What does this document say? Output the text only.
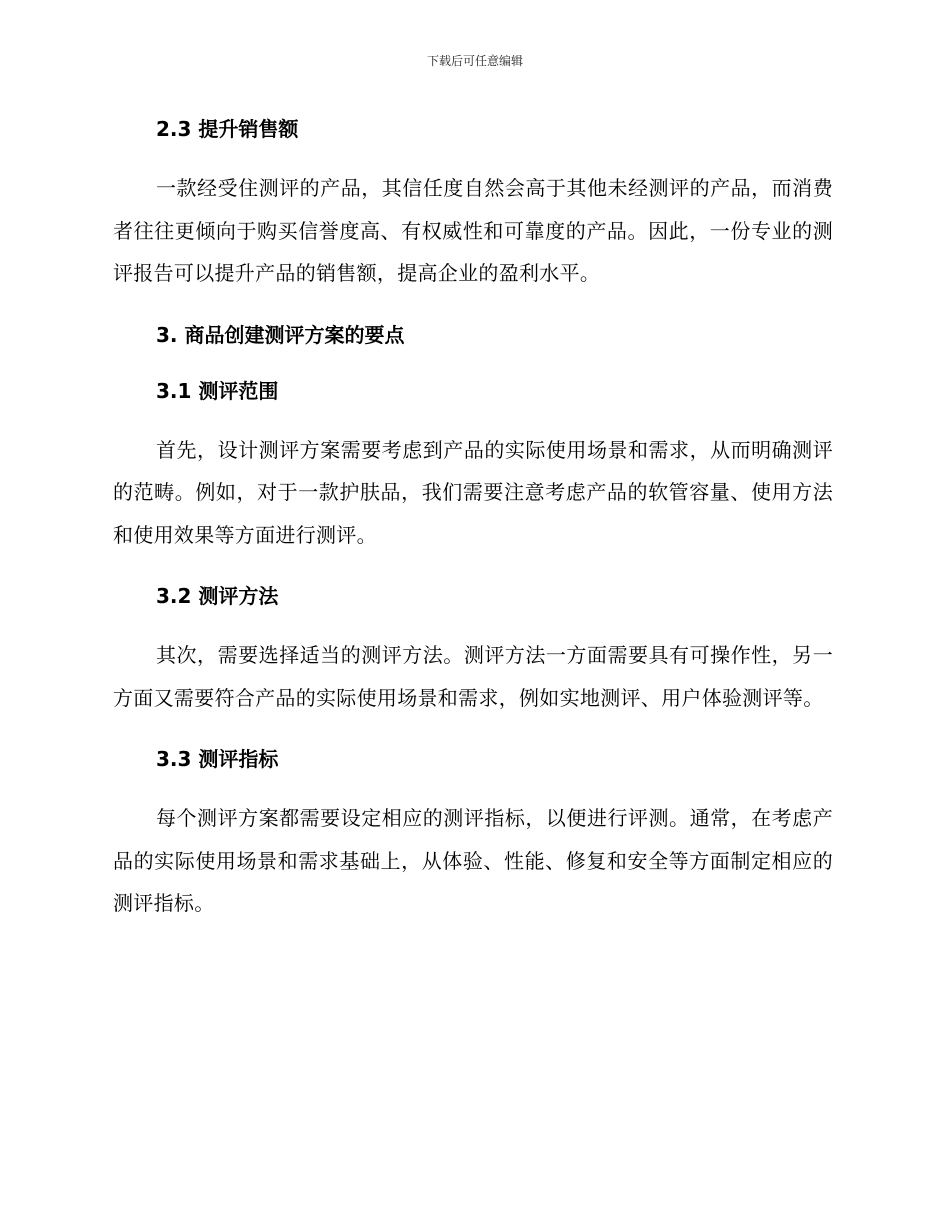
下载后可任意编辑
2.3 提升销售额

一款经受住测评的产品，其信任度自然会高于其他未经测评的产品，而消费者往往更倾向于购买信誉度高、有权威性和可靠度的产品。因此，一份专业的测评报告可以提升产品的销售额，提高企业的盈利水平。

3. 商品创建测评方案的要点
3.1 测评范围

首先，设计测评方案需要考虑到产品的实际使用场景和需求，从而明确测评的范畴。例如，对于一款护肤品，我们需要注意考虑产品的软管容量、使用方法和使用效果等方面进行测评。

3.2 测评方法

其次，需要选择适当的测评方法。测评方法一方面需要具有可操作性，另一方面又需要符合产品的实际使用场景和需求，例如实地测评、用户体验测评等。

3.3 测评指标

每个测评方案都需要设定相应的测评指标，以便进行评测。通常，在考虑产品的实际使用场景和需求基础上，从体验、性能、修复和安全等方面制定相应的测评指标。
